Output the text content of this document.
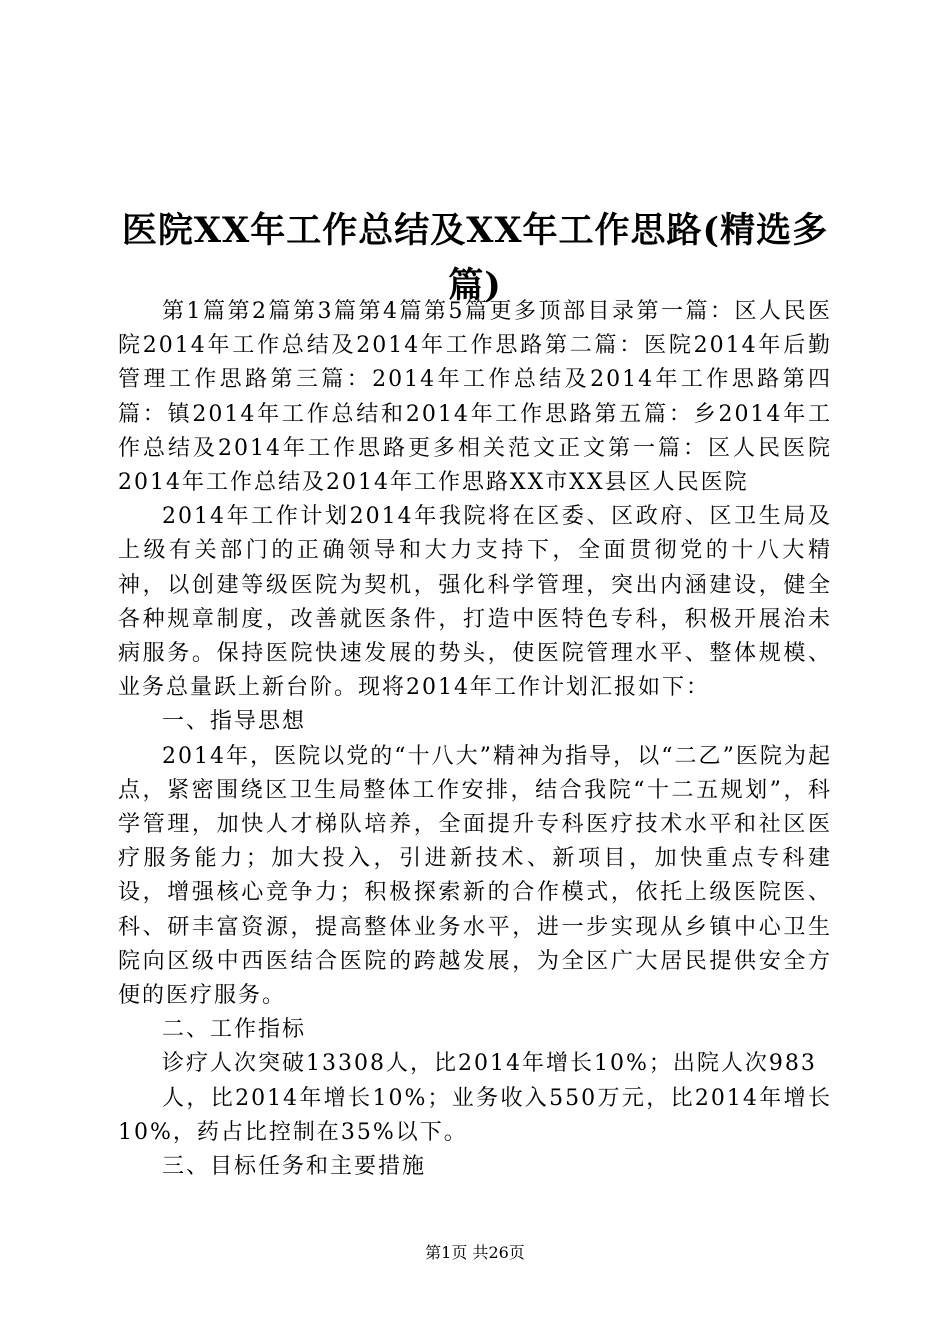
医院XX年工作总结及XX年工作思路(精选多篇)

第1篇第2篇第3篇第4篇第5篇更多顶部目录第一篇：区人民医院2014年工作总结及2014年工作思路第二篇：医院2014年后勤管理工作思路第三篇：2014年工作总结及2014年工作思路第四篇：镇2014年工作总结和2014年工作思路第五篇：乡2014年工作总结及2014年工作思路更多相关范文正文第一篇：区人民医院2014年工作总结及2014年工作思路XX市XX县区人民医院

2014年工作计划2014年我院将在区委、区政府、区卫生局及上级有关部门的正确领导和大力支持下，全面贯彻党的十八大精神，以创建等级医院为契机，强化科学管理，突出内涵建设，健全各种规章制度，改善就医条件，打造中医特色专科，积极开展治未病服务。保持医院快速发展的势头，使医院管理水平、整体规模、业务总量跃上新台阶。现将2014年工作计划汇报如下：

一、指导思想

2014年，医院以党的“十八大”精神为指导，以“二乙”医院为起点，紧密围绕区卫生局整体工作安排，结合我院“十二五规划”，科学管理，加快人才梯队培养，全面提升专科医疗技术水平和社区医疗服务能力；加大投入，引进新技术、新项目，加快重点专科建设，增强核心竞争力；积极探索新的合作模式，依托上级医院医、科、研丰富资源，提高整体业务水平，进一步实现从乡镇中心卫生院向区级中西医结合医院的跨越发展，为全区广大居民提供安全方便的医疗服务。

二、工作指标

诊疗人次突破13308人，比2014年增长10%；出院人次983

人，比2014年增长10%；业务收入550万元，比2014年增长10%，药占比控制在35%以下。

三、目标任务和主要措施

第1页 共26页
